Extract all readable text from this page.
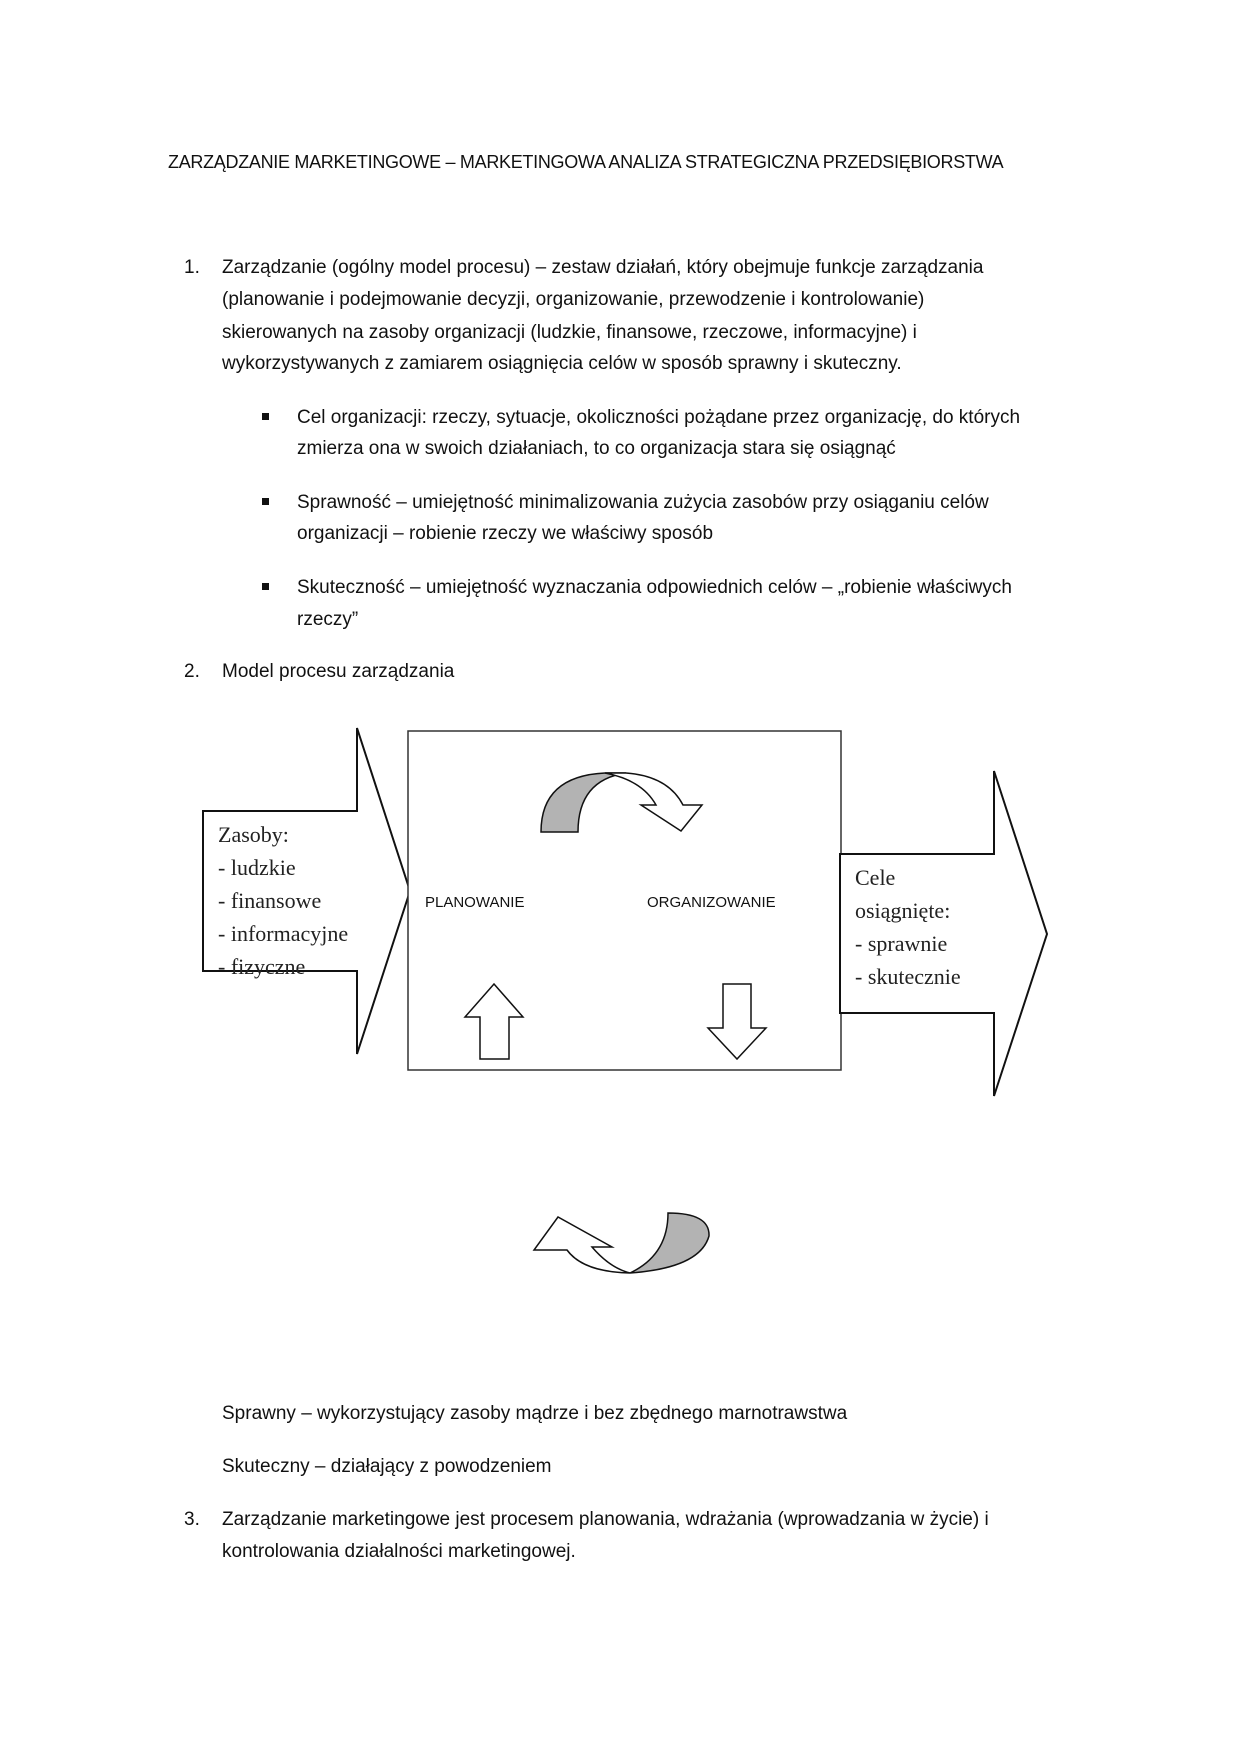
ZARZĄDZANIE MARKETINGOWE – MARKETINGOWA ANALIZA STRATEGICZNA PRZEDSIĘBIORSTWA
1. Zarządzanie (ogólny model procesu) – zestaw działań, który obejmuje funkcje zarządzania
(planowanie i podejmowanie decyzji, organizowanie, przewodzenie i kontrolowanie)
skierowanych na zasoby organizacji (ludzkie, finansowe, rzeczowe, informacyjne) i
wykorzystywanych z zamiarem osiągnięcia celów w sposób sprawny i skuteczny.
Cel organizacji: rzeczy, sytuacje, okoliczności pożądane przez organizację, do których
zmierza ona w swoich działaniach, to co organizacja stara się osiągnąć
Sprawność – umiejętność minimalizowania zużycia zasobów przy osiąganiu celów
organizacji – robienie rzeczy we właściwy sposób
Skuteczność – umiejętność wyznaczania odpowiednich celów – „robienie właściwych
rzeczy”
2. Model procesu zarządzania
Zasoby:
- ludzkie
- finansowe
- informacyjne
- fizyczne
Cele
osiągnięte:
- sprawnie
- skutecznie
PLANOWANIE	ORGANIZOWANIE
Sprawny – wykorzystujący zasoby mądrze i bez zbędnego marnotrawstwa
Skuteczny – działający z powodzeniem
3. Zarządzanie marketingowe jest procesem planowania, wdrażania (wprowadzania w życie) i
kontrolowania działalności marketingowej.
